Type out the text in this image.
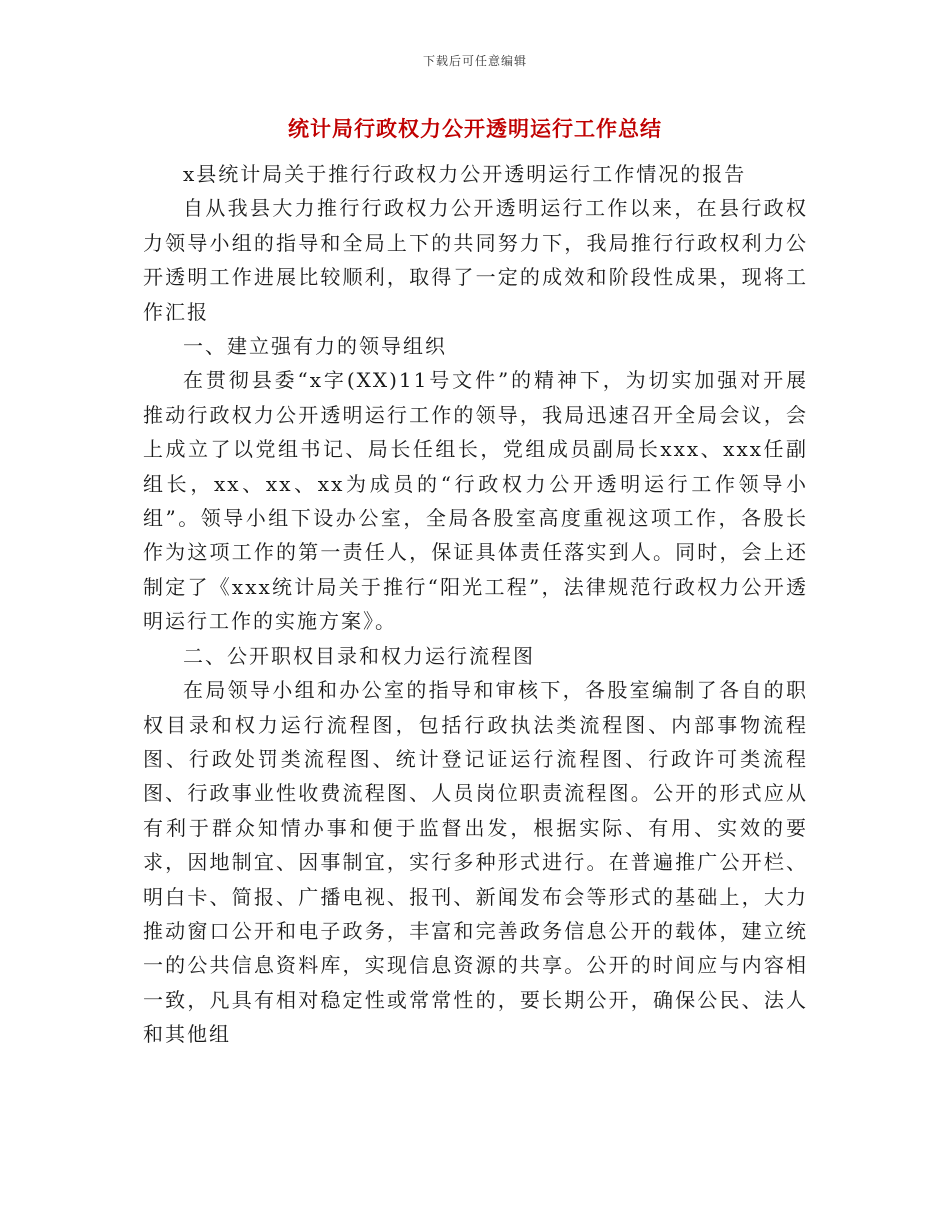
下载后可任意编辑
统计局行政权力公开透明运行工作总结

x县统计局关于推行行政权力公开透明运行工作情况的报告

自从我县大力推行行政权力公开透明运行工作以来，在县行政权力领导小组的指导和全局上下的共同努力下，我局推行行政权利力公开透明工作进展比较顺利，取得了一定的成效和阶段性成果，现将工作汇报

一、建立强有力的领导组织

在贯彻县委“x字(XX)11号文件”的精神下，为切实加强对开展推动行政权力公开透明运行工作的领导，我局迅速召开全局会议，会上成立了以党组书记、局长任组长，党组成员副局长xxx、xxx任副组长，xx、xx、xx为成员的“行政权力公开透明运行工作领导小组”。领导小组下设办公室，全局各股室高度重视这项工作，各股长作为这项工作的第一责任人，保证具体责任落实到人。同时，会上还制定了《xxx统计局关于推行“阳光工程”，法律规范行政权力公开透明运行工作的实施方案》。

二、公开职权目录和权力运行流程图

在局领导小组和办公室的指导和审核下，各股室编制了各自的职权目录和权力运行流程图，包括行政执法类流程图、内部事物流程图、行政处罚类流程图、统计登记证运行流程图、行政许可类流程图、行政事业性收费流程图、人员岗位职责流程图。公开的形式应从有利于群众知情办事和便于监督出发，根据实际、有用、实效的要求，因地制宜、因事制宜，实行多种形式进行。在普遍推广公开栏、明白卡、简报、广播电视、报刊、新闻发布会等形式的基础上，大力推动窗口公开和电子政务，丰富和完善政务信息公开的载体，建立统一的公共信息资料库，实现信息资源的共享。公开的时间应与内容相一致，凡具有相对稳定性或常常性的，要长期公开，确保公民、法人和其他组
